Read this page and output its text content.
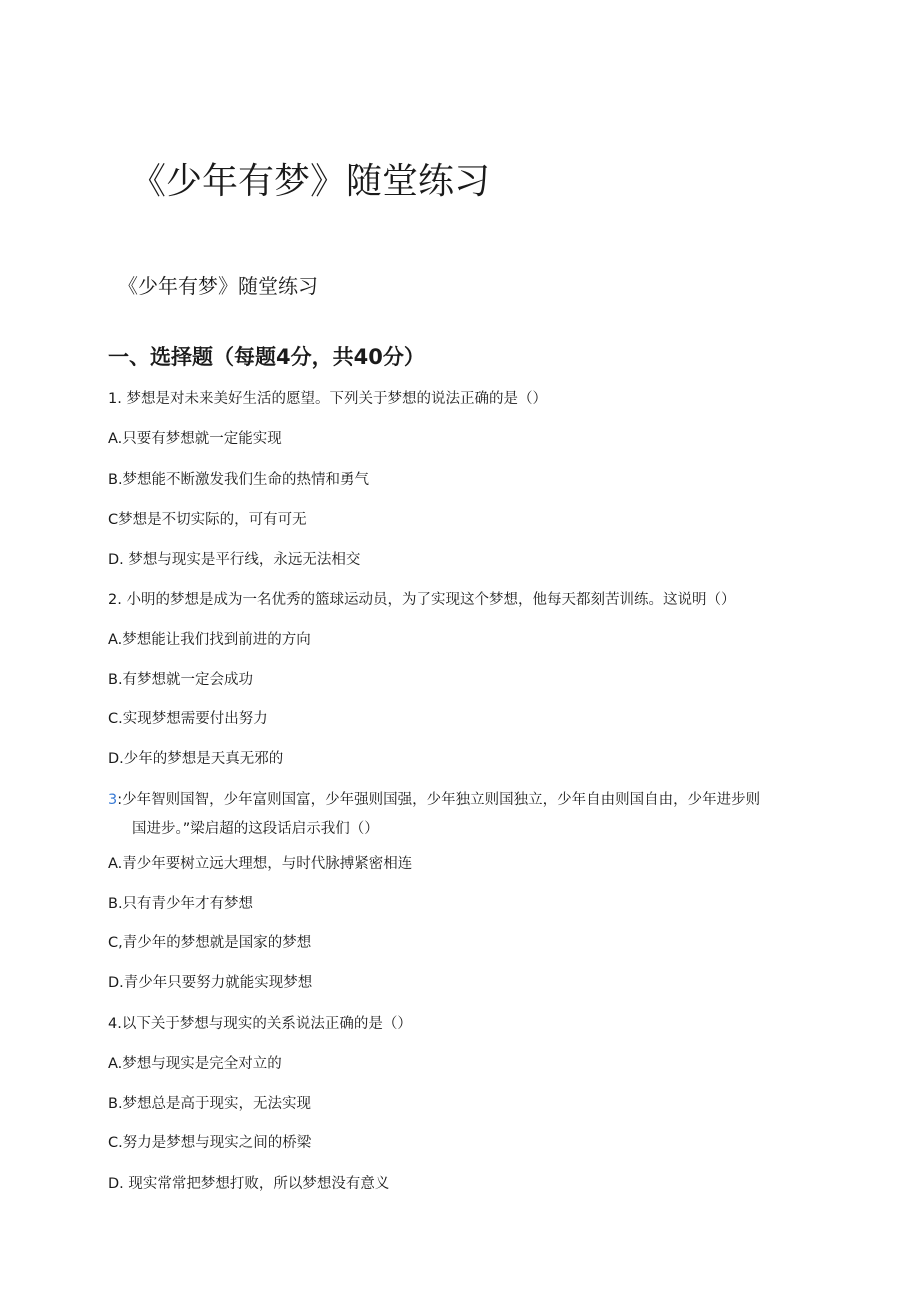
《少年有梦》随堂练习
《少年有梦》随堂练习
一、选择题（每题4分，共40分）
1. 梦想是对未来美好生活的愿望。下列关于梦想的说法正确的是（）
A.只要有梦想就一定能实现
B.梦想能不断激发我们生命的热情和勇气
C梦想是不切实际的，可有可无
D. 梦想与现实是平行线，永远无法相交
2. 小明的梦想是成为一名优秀的篮球运动员，为了实现这个梦想，他每天都刻苦训练。这说明（）
A.梦想能让我们找到前进的方向
B.有梦想就一定会成功
C.实现梦想需要付出努力
D.少年的梦想是天真无邪的
3:少年智则国智，少年富则国富，少年强则国强，少年独立则国独立，少年自由则国自由，少年进步则
国进步。”梁启超的这段话启示我们（）
A.青少年要树立远大理想，与时代脉搏紧密相连
B.只有青少年才有梦想
C,青少年的梦想就是国家的梦想
D.青少年只要努力就能实现梦想
4.以下关于梦想与现实的关系说法正确的是（）
A.梦想与现实是完全对立的
B.梦想总是高于现实，无法实现
C.努力是梦想与现实之间的桥梁
D. 现实常常把梦想打败，所以梦想没有意义
